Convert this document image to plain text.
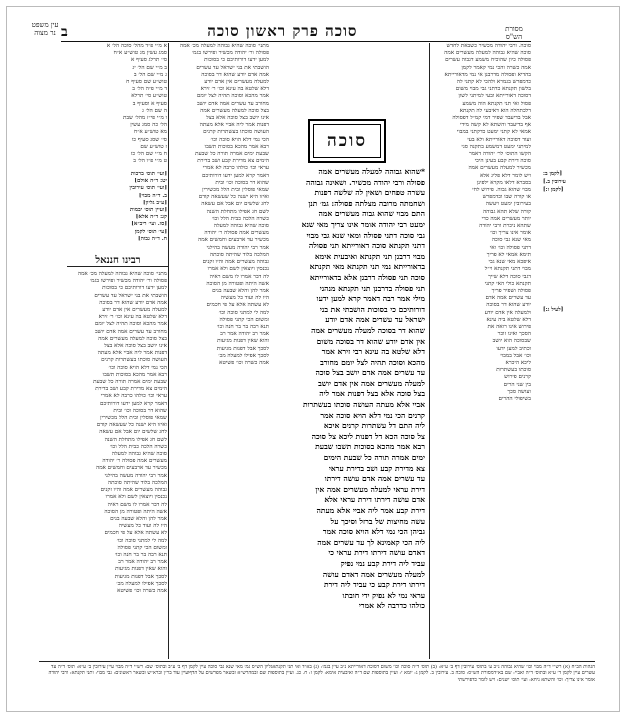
מסורת הש"ס
סוכה פרק ראשון סוכה
ב
עין משפט
נר מצוה
סוכה
*שהוא גבוהה למעלה מעשרים אמה
פסולה ורבי יהודה מכשיר. ושאינה גבוהה
עשרה טפחים ושאין לה שלשה דפנות
ושחמתה מרובה מצלתה פסולה: גמ׳ תנן
התם מבוי שהוא גבוה מעשרים אמה
ימעט רבי יהודה אומר אינו צריך מאי שנא
גבי סוכה דתני פסולה ומאי שנא גבי מבוי
דתני תקנתא סוכה דאורייתא תני פסולה
מבוי דרבנן תני תקנתא ואיבעית אימא
בדאורייתא נמי תני תקנתא מאי תקנתא
סוכה תני פסולה דרבנן אלא בדאורייתא
תני פסולה בדרבנן תני תקנתא מנהני
מילי אמר רבה דאמר קרא למען ידעו
דורותיכם כי בסוכות הושבתי את בני
ישראל עד עשרים אמה אדם יודע
שהוא דר בסוכה למעלה מעשרים אמה
אין אדם יודע שהוא דר בסוכה משום
דלא שלטא בה עינא רבי זירא אמר
מהכא וסוכה תהיה לצל יומם מחורב
עד עשרים אמה אדם יושב בצל סוכה
למעלה מעשרים אמה אין אדם יושב
בצל סוכה אלא בצל דפנות אמר ליה
אביי אלא מעתה העושה סוכתו בעשתרות
קרנים הכי נמי דלא הויא סוכה אמר
ליה התם דל עשתרות קרנים איכא
צל סוכה הכא דל דפנות ליכא צל סוכה
רבא אמר מהכא בסוכות תשבו שבעת
ימים אמרה תורה כל שבעת הימים
צא מדירת קבע ושב בדירת עראי
עד עשרים אמה אדם עושה דירתו
דירת עראי למעלה מעשרים אמה אין
אדם עושה דירתו דירת עראי אלא
דירת קבע אמר ליה אביי אלא מעתה
עשה מחיצות של ברזל וסיכך על
גביהן הכי נמי דלא הויא סוכה אמר
ליה הכי קאמינא לך עד עשרים אמה
דאדם עושה דירתו דירת עראי כי
עביד ליה דירת קבע נמי נפיק
למעלה מעשרים אמה דאדם עושה
דירתו דירת קבע כי עביד ליה דירת
עראי נמי לא נפיק ידי חובתו
כולהו כדרבה לא אמרי
סוכה. ורבי יהודה מכשיר כשבאת לחדש
סוכה שהיא גבוהה למעלה מעשרים אמה
פסולה כיון שהוכיח משמע דגבוה עשרים
אמה כשרה והכי נמי קאמר לקמן
בהדיא ופסולה מדרבנן אי נמי מדאורייתא
כדמפרש בגמרא ולהכי לא קתני לה
בלשון תקנתא כדתני גבי מבוי משום
דסוכה דאורייתא ובעי למיתני לשון
פסול ואי תני תקנתא הוה משמע
דלכתחלה הוא דאיבעי לה תקנתא
אבל בדיעבד שפיר דמי קמ״ל דפסולה
אף בדיעבד והשתא לא קשה מידי
אמאי לא קתני ימעט כדקתני במבוי
ועוד דסוכה דאורייתא ולא בעי
למיתני ימעט דמשמע בתקנה סגי
הקשו התוס׳ לר׳ יהודה דאמר
סוכה דירת קבע בעינן היכי
מכשיר למעלה מעשרים אמה
ויש לומר דלא פליג אלא
בסברא דלאו מקרא ילפינן
מבוי שהוא גבוה. פירוש לחי
או קורה שבו וכדמפרש
בעירובין ימעט ויעשה
קורה שלא תהא גבוהה
יותר מעשרים אמה כדי
שתהא ניכרת ורבי יהודה
אומר אינו צריך וכו׳
מאי שנא גבי סוכה
דתני פסולה וכו׳ ואי
תימא אמאי לא פריך
איפכא מאי שנא גבי
מבוי דתני תקנתא וי״ל
דגבי סוכה דלא שייך
תקנתא כולי האי קתני
פסולה ושפיר פריך
עד עשרים אמה אדם
יודע שהוא דר בסוכה
ולמעלה אין אדם יודע
דלא שלטא ביה עינא
פירוש אינו רואה את
הסכך ואינו זוכר
שבסוכה הוא יושב
וכתיב למען ידעו
וכו׳ אבל במבוי
ליכא היכרא
סוכתו בעשתרות
קרנים פירוש
בין שני הרים
ועושה סכך
בשיפולי ההרים
מתני׳ סוכה שהיא גבוהה למעלה מכ׳ אמה
פסולה ור׳ יהודה מכשיר ופירשו בגמ׳
למען ידעו דורותיכם כי בסוכות
הושבתי את בני ישראל עד עשרים
אמה אדם יודע שהוא דר בסוכה
למעלה מעשרים אין אדם יודע
דלא שלטא בה עינא וכו׳ ר׳ זירא
אמר מהכא וסוכה תהיה לצל יומם
מחורב עד עשרים אמה אדם יושב
בצל סוכה למעלה מעשרים אמה
אינו יושב בצל סוכה אלא בצל
דפנות אמר ליה אביי אלא מעתה
העושה סוכתו בעשתרות קרנים
הכי נמי דלא הויא סוכה וכו׳
רבא אמר מהכא בסוכות תשבו
שבעת ימים אמרה תורה כל שבעת
הימים צא מדירת קבע ושב בדירת
עראי וכו׳ כולהו כרבה לא אמרי
דאמר קרא למען ידעו דורותיכם
שהוא דר בסוכה וכו׳ ובית
שמאי פוסלין ובית הלל מכשירין
ואיזו היא ישנה כל שעשאה קודם
לחג שלשים יום אבל אם עשאה
לשם חג אפילו מתחלת השנה
כשרה הלכה כבית הלל וכו׳
סוכה שהיא גבוהה למעלה
מעשרים אמה פסולה ר׳ יהודה
מכשיר עד ארבעים וחמשים אמה
אמר רבי יהודה מעשה בהילני
המלכה בלוד שהיתה סוכתה
גבוהה מעשרים אמה והיו זקנים
נכנסין ויוצאין לשם ולא אמרו
לה דבר אמרו לו משם ראיה
אשה היתה ופטורה מן הסוכה
אמר להן והלא שבעה בנים
היו לה ועוד כל מעשיה
לא עשתה אלא על פי חכמים
למה לי למתני סוכה וכו׳
ומשום הכי קתני פסולה
תנא רבה בר בר חנה וכו׳
אמר רב יהודה אמר רב
והוא שאין דפנות מגיעות
לסכך אבל דפנות מגיעות
לסכך אפילו למעלה מכ׳
אמה כשרה וכו׳ פשיטא
רבינו חננאל
מתני׳ סוכה שהיא גבוהה למעלה מכ׳ אמה
פסולה ור׳ יהודה מכשיר ופירשו בגמ׳
למען ידעו דורותיכם כי בסוכות
הושבתי את בני ישראל עד עשרים
אמה אדם יודע שהוא דר בסוכה
למעלה מעשרים אין אדם יודע
דלא שלטא בה עינא וכו׳ ר׳ זירא
אמר מהכא וסוכה תהיה לצל יומם
מחורב עד עשרים אמה אדם יושב
בצל סוכה למעלה מעשרים אמה
אינו יושב בצל סוכה אלא בצל
דפנות אמר ליה אביי אלא מעתה
העושה סוכתו בעשתרות קרנים
הכי נמי דלא הויא סוכה וכו׳
רבא אמר מהכא בסוכות תשבו
שבעת ימים אמרה תורה כל שבעת
הימים צא מדירת קבע ושב בדירת
עראי וכו׳ כולהו כרבה לא אמרי
דאמר קרא למען ידעו דורותיכם
שהוא דר בסוכה וכו׳ ובית
שמאי פוסלין ובית הלל מכשירין
ואיזו היא ישנה כל שעשאה קודם
לחג שלשים יום אבל אם עשאה
לשם חג אפילו מתחלת השנה
כשרה הלכה כבית הלל וכו׳
סוכה שהיא גבוהה למעלה
מעשרים אמה פסולה ר׳ יהודה
מכשיר עד ארבעים וחמשים אמה
אמר רבי יהודה מעשה בהילני
המלכה בלוד שהיתה סוכתה
גבוהה מעשרים אמה והיו זקנים
נכנסין ויוצאין לשם ולא אמרו
לה דבר אמרו לו משם ראיה
אשה היתה ופטורה מן הסוכה
אמר להן והלא שבעה בנים
היו לה ועוד כל מעשיה
לא עשתה אלא על פי חכמים
למה לי למתני סוכה וכו׳
ומשום הכי קתני פסולה
תנא רבה בר בר חנה וכו׳
אמר רב יהודה אמר רב
והוא שאין דפנות מגיעות
לסכך אבל דפנות מגיעות
לסכך אפילו למעלה מכ׳
אמה כשרה וכו׳ פשיטא
א מ״י פ״ד מהל׳ סוכה הל׳ א
סמג עשין מג טוש״ע א״ח
סי׳ תרלג סעיף א
ב מ״י שם הל׳ יג
ג מ״י שם הל׳ ב
טוש״ע שם סעיף ח
ד מ״י פ״ה הל׳ ב
טוש״ע סי׳ תרלא
סעיף א וסעיף ב
ה שם הל׳ ג
ו מ״י פי״ז מהל׳ שבת
הל׳ כה סמג עשין
מא טוש״ע א״ח
סי׳ שסג סעיף כו
ז טוש״ע שם
ח מ״י שם הל׳ כז
ט מ״י פ״ו הל׳ ב
[ועי׳ תוס׳ ברכות
יט: ד״ה אולם]
[ועי׳ תוס׳ עירובין
ב. ד״ה מבוי]
[ע״ב גליון]
[ועיין תוס׳ יבמות
קג: ד״ה אלא]
[סו. ועי׳ ריב״א]
[עי׳ תוס׳ לקמן
ח. ד״ה גבוה]
[לקמן ב:
עירובין ב.]
[לקמן ז:]
[לעיל ג:]
הגהות הב״ח (א) רש״י ד״ה מבוי וכו׳ שהיא גבוהה נ״ב ע׳ בתוס׳ עירובין דף ב׳ ע״א: (ב) תוס׳ ד״ה סוכה וכו׳ משום דסוכה דאורייתא נ״ב עיין בגמ׳: (ג) בא״ד ואי תני תקנתאגליון הש״ס גמ׳ מאי שנא גבי סוכה עיין לקמן דף ב׳ ע״ב ובתוס׳ שם: רש״י ד״ה מבוי עיין עירובין ב׳ ע״א: תוס׳ ד״ה עד עשרים עיין לקמן ד׳ ע״א ובתוס׳ ד״ה ואביי: שם בא״דמסורת הש״ס: סוכה ב. עירובין ב. לקמן ג: יומא י: ועיין בתוספות שם ד״ה ואיבעית אימא: לקמן ז: ח. כג. ועיין בתוספות שם ובמהרש״א ובשאר מפרשים על הדףועיין עוד בר״ן וברא״ש ובשאר ראשונים: גבי מבוי: ותני תקנתא: ורבי יהודה אומר אינו צריך: וכו׳ והשתא ניחא: ועי׳ תוס׳ ישנים: ויש לומר כדפירשתי
